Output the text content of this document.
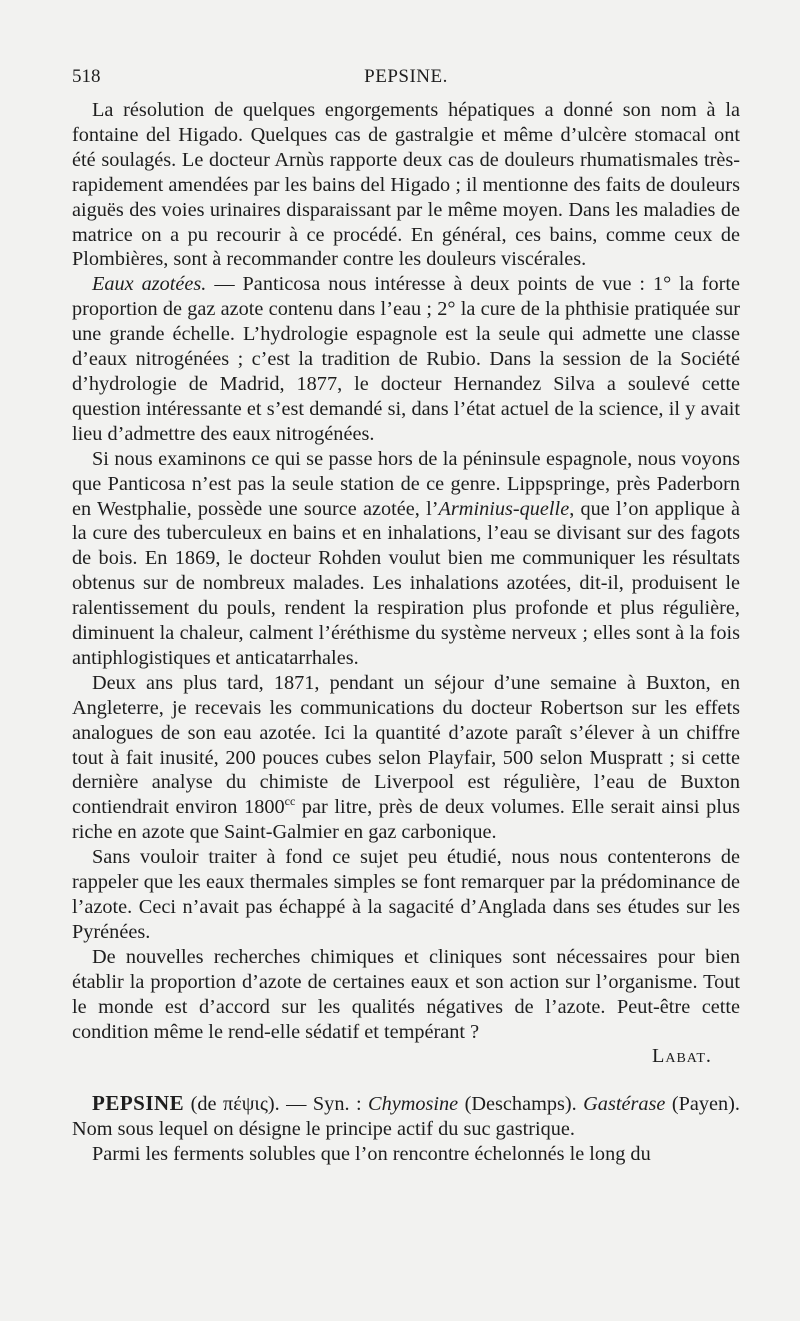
518	PEPSINE.

La résolution de quelques engorgements hépatiques a donné son nom à la fontaine del Higado. Quelques cas de gastralgie et même d’ulcère stomacal ont été soulagés. Le docteur Arnùs rapporte deux cas de douleurs rhumatismales très-rapidement amendées par les bains del Higado ; il mentionne des faits de douleurs aiguës des voies urinaires disparaissant par le même moyen. Dans les maladies de matrice on a pu recourir à ce procédé. En général, ces bains, comme ceux de Plombières, sont à recommander contre les douleurs viscérales.

Eaux azotées. — Panticosa nous intéresse à deux points de vue : 1° la forte proportion de gaz azote contenu dans l’eau ; 2° la cure de la phthisie pratiquée sur une grande échelle. L’hydrologie espagnole est la seule qui admette une classe d’eaux nitrogénées ; c’est la tradition de Rubio. Dans la session de la Société d’hydrologie de Madrid, 1877, le docteur Hernandez Silva a soulevé cette question intéressante et s’est demandé si, dans l’état actuel de la science, il y avait lieu d’admettre des eaux nitrogénées.

Si nous examinons ce qui se passe hors de la péninsule espagnole, nous voyons que Panticosa n’est pas la seule station de ce genre. Lippspringe, près Paderborn en Westphalie, possède une source azotée, l’Arminius-quelle, que l’on applique à la cure des tuberculeux en bains et en inhalations, l’eau se divisant sur des fagots de bois. En 1869, le docteur Rohden voulut bien me communiquer les résultats obtenus sur de nombreux malades. Les inhalations azotées, dit-il, produisent le ralentissement du pouls, rendent la respiration plus profonde et plus régulière, diminuent la chaleur, calment l’éréthisme du système nerveux ; elles sont à la fois antiphlogistiques et anticatarrhales.

Deux ans plus tard, 1871, pendant un séjour d’une semaine à Buxton, en Angleterre, je recevais les communications du docteur Robertson sur les effets analogues de son eau azotée. Ici la quantité d’azote paraît s’élever à un chiffre tout à fait inusité, 200 pouces cubes selon Playfair, 500 selon Muspratt ; si cette dernière analyse du chimiste de Liverpool est régulière, l’eau de Buxton contiendrait environ $1800^{cc}$ par litre, près de deux volumes. Elle serait ainsi plus riche en azote que Saint-Galmier en gaz carbonique.

Sans vouloir traiter à fond ce sujet peu étudié, nous nous contenterons de rappeler que les eaux thermales simples se font remarquer par la prédominance de l’azote. Ceci n’avait pas échappé à la sagacité d’Anglada dans ses études sur les Pyrénées.

De nouvelles recherches chimiques et cliniques sont nécessaires pour bien établir la proportion d’azote de certaines eaux et son action sur l’organisme. Tout le monde est d’accord sur les qualités négatives de l’azote. Peut-être cette condition même le rend-elle sédatif et tempérant ?

Labat.

PEPSINE (de πέψις). — Syn. : Chymosine (Deschamps). Gastérase (Payen). Nom sous lequel on désigne le principe actif du suc gastrique.

Parmi les ferments solubles que l’on rencontre échelonnés le long du
